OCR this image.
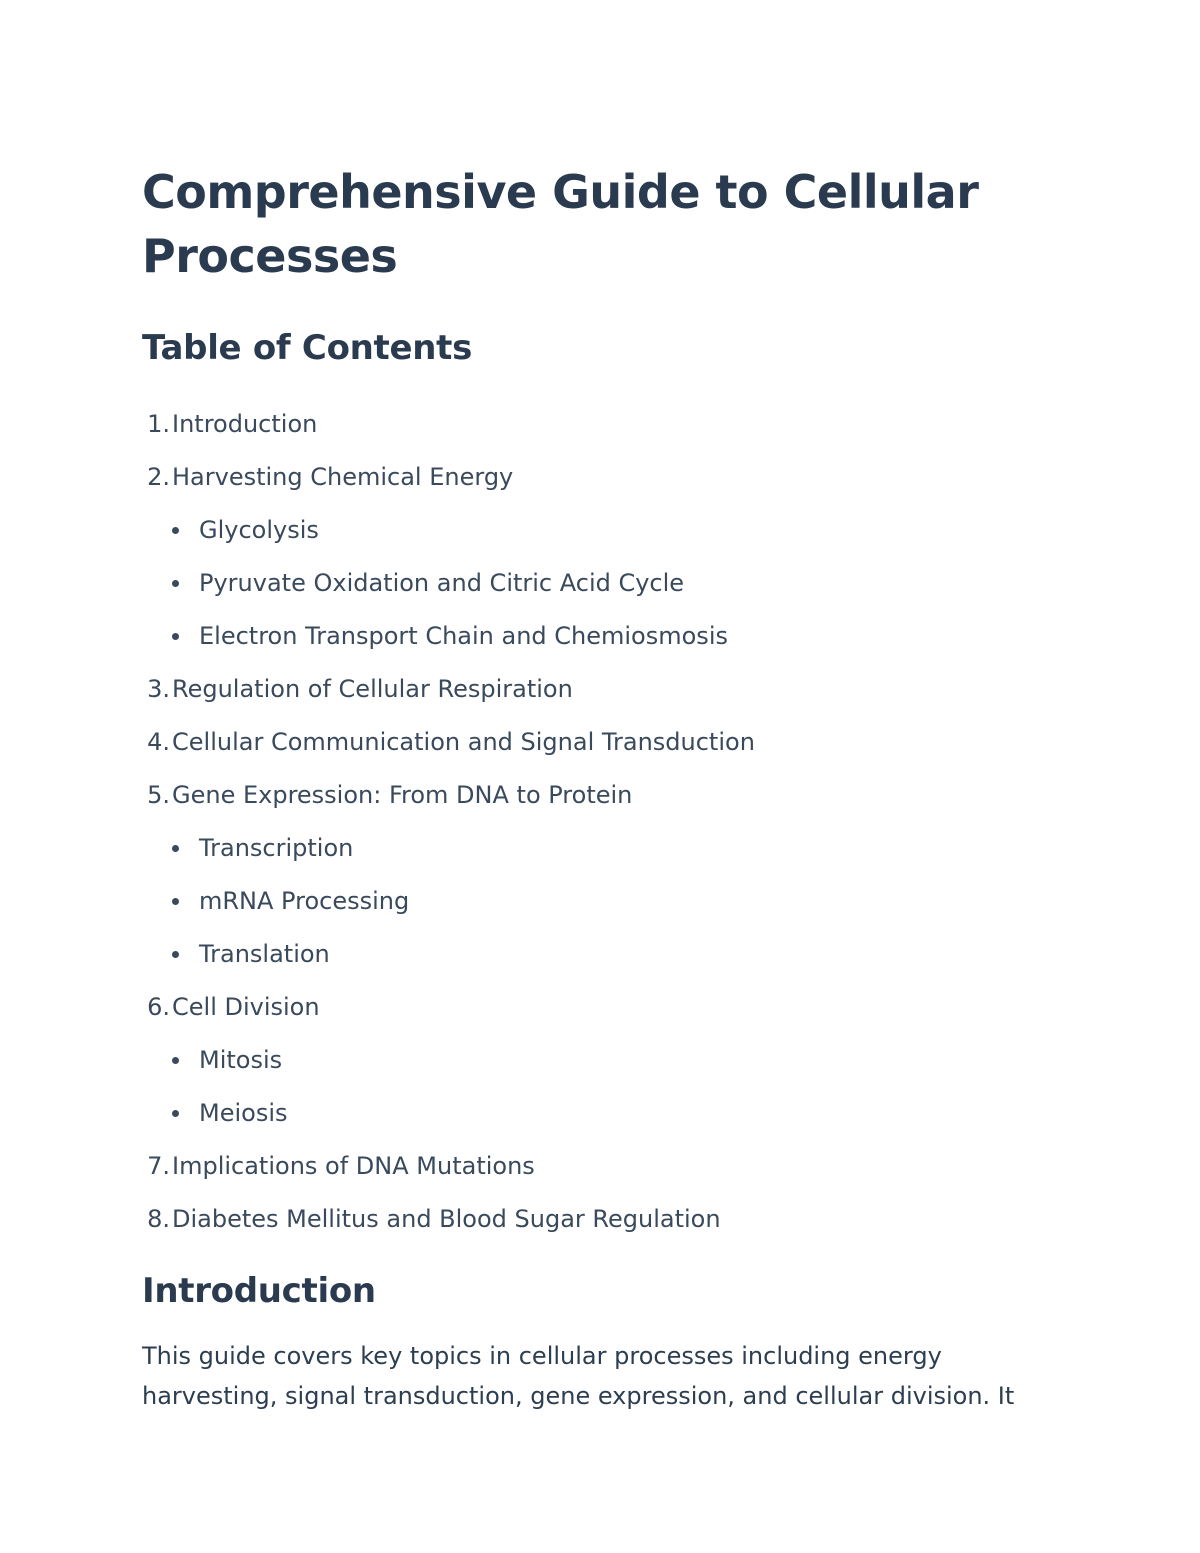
Comprehensive Guide to Cellular Processes
Table of Contents
1. Introduction
2. Harvesting Chemical Energy
Glycolysis
Pyruvate Oxidation and Citric Acid Cycle
Electron Transport Chain and Chemiosmosis
3. Regulation of Cellular Respiration
4. Cellular Communication and Signal Transduction
5. Gene Expression: From DNA to Protein
Transcription
mRNA Processing
Translation
6. Cell Division
Mitosis
Meiosis
7. Implications of DNA Mutations
8. Diabetes Mellitus and Blood Sugar Regulation
Introduction

This guide covers key topics in cellular processes including energy harvesting, signal transduction, gene expression, and cellular division. It
